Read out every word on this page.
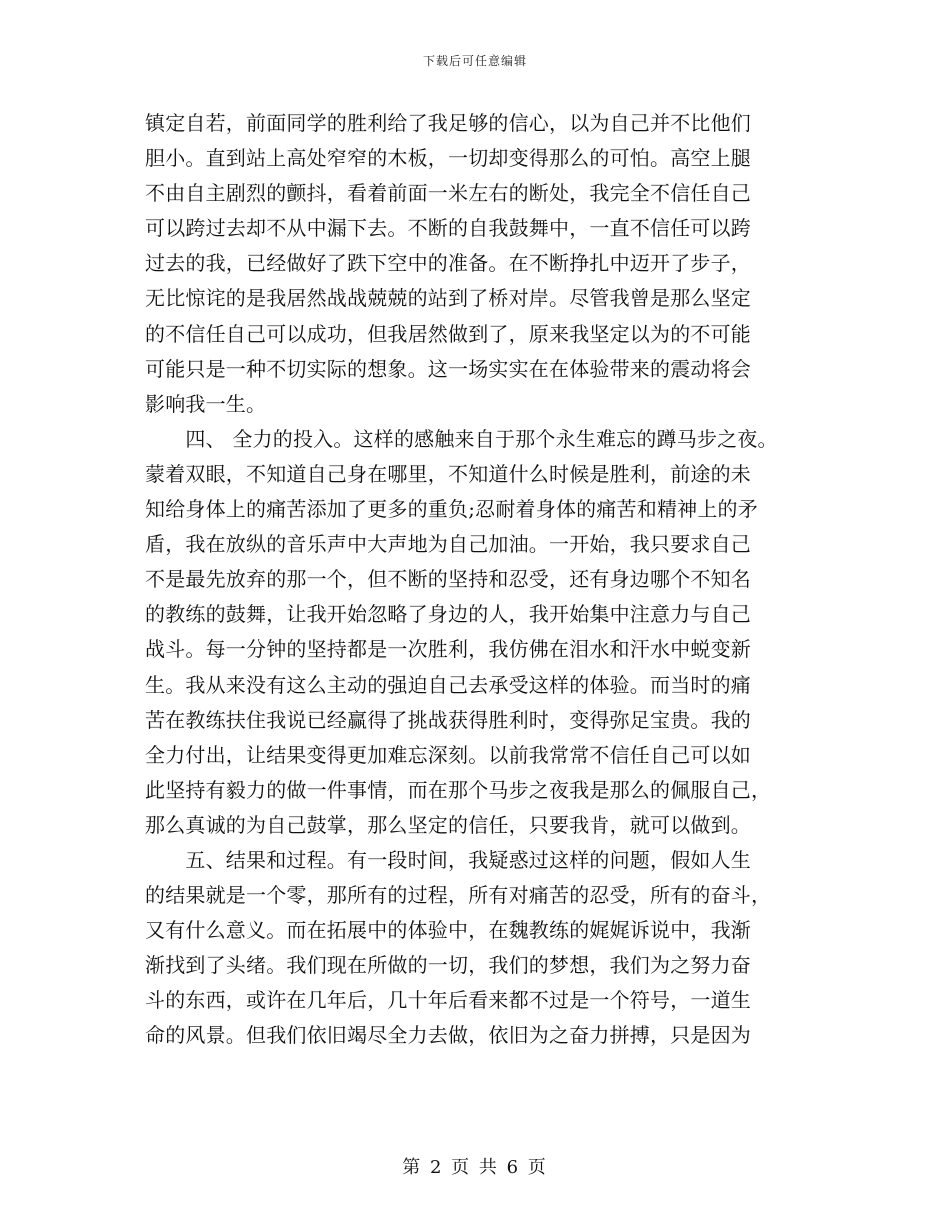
下载后可任意编辑
镇定自若，前面同学的胜利给了我足够的信心，以为自己并不比他们
胆小。直到站上高处窄窄的木板，一切却变得那么的可怕。高空上腿
不由自主剧烈的颤抖，看着前面一米左右的断处，我完全不信任自己
可以跨过去却不从中漏下去。不断的自我鼓舞中，一直不信任可以跨
过去的我，已经做好了跌下空中的准备。在不断挣扎中迈开了步子，
无比惊诧的是我居然战战兢兢的站到了桥对岸。尽管我曾是那么坚定
的不信任自己可以成功，但我居然做到了，原来我坚定以为的不可能
可能只是一种不切实际的想象。这一场实实在在体验带来的震动将会
影响我一生。
　　四、 全力的投入。这样的感触来自于那个永生难忘的蹲马步之夜。
蒙着双眼，不知道自己身在哪里，不知道什么时候是胜利，前途的未
知给身体上的痛苦添加了更多的重负;忍耐着身体的痛苦和精神上的矛
盾，我在放纵的音乐声中大声地为自己加油。一开始，我只要求自己
不是最先放弃的那一个，但不断的坚持和忍受，还有身边哪个不知名
的教练的鼓舞，让我开始忽略了身边的人，我开始集中注意力与自己
战斗。每一分钟的坚持都是一次胜利，我仿佛在泪水和汗水中蜕变新
生。我从来没有这么主动的强迫自己去承受这样的体验。而当时的痛
苦在教练扶住我说已经赢得了挑战获得胜利时，变得弥足宝贵。我的
全力付出，让结果变得更加难忘深刻。以前我常常不信任自己可以如
此坚持有毅力的做一件事情，而在那个马步之夜我是那么的佩服自己，
那么真诚的为自己鼓掌，那么坚定的信任，只要我肯，就可以做到。
　　五、结果和过程。有一段时间，我疑惑过这样的问题，假如人生
的结果就是一个零，那所有的过程，所有对痛苦的忍受，所有的奋斗，
又有什么意义。而在拓展中的体验中，在魏教练的娓娓诉说中，我渐
渐找到了头绪。我们现在所做的一切，我们的梦想，我们为之努力奋
斗的东西，或许在几年后，几十年后看来都不过是一个符号，一道生
命的风景。但我们依旧竭尽全力去做，依旧为之奋力拼搏，只是因为
第 2 页 共 6 页
